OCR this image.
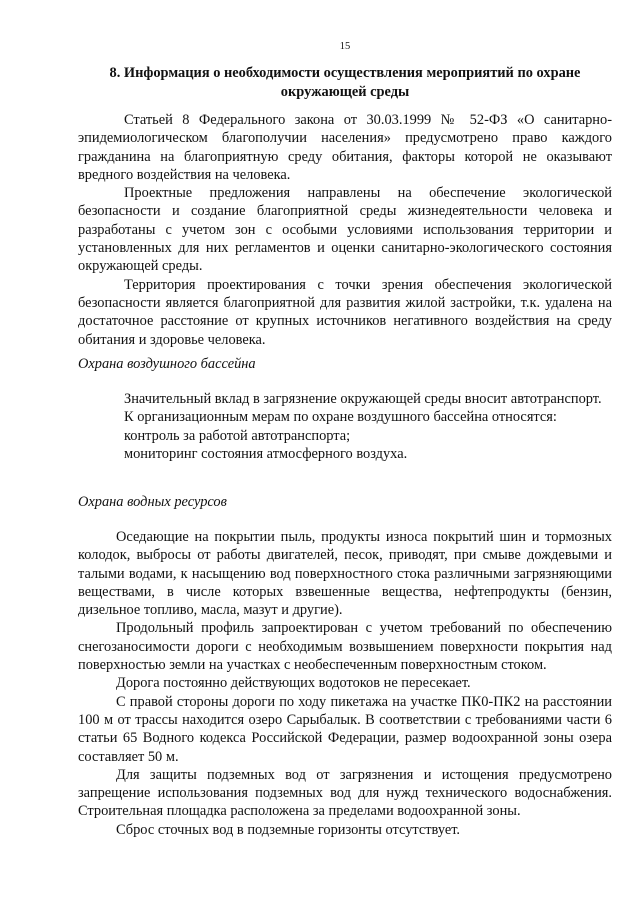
15
8. Информация о необходимости осуществления мероприятий по охране окружающей среды

Статьей 8 Федерального закона от 30.03.1999 № 52-ФЗ «О санитарно-эпидемиологическом благополучии населения» предусмотрено право каждого гражданина на благоприятную среду обитания, факторы которой не оказывают вредного воздействия на человека.

Проектные предложения направлены на обеспечение экологической безопасности и создание благоприятной среды жизнедеятельности человека и разработаны с учетом зон с особыми условиями использования территории и установленных для них регламентов и оценки санитарно-экологического состояния окружающей среды.

Территория проектирования с точки зрения обеспечения экологической безопасности является благоприятной для развития жилой застройки, т.к. удалена на достаточное расстояние от крупных источников негативного воздействия на среду обитания и здоровье человека.

Охрана воздушного бассейна

Значительный вклад в загрязнение окружающей среды вносит автотранспорт.

К организационным мерам по охране воздушного бассейна относятся:

контроль за работой автотранспорта;

мониторинг состояния атмосферного воздуха.

Охрана водных ресурсов

Оседающие на покрытии пыль, продукты износа покрытий шин и тормозных колодок, выбросы от работы двигателей, песок, приводят, при смыве дождевыми и талыми водами, к насыщению вод поверхностного стока различными загрязняющими веществами, в числе которых взвешенные вещества, нефтепродукты (бензин, дизельное топливо, масла, мазут и другие).

Продольный профиль запроектирован с учетом требований по обеспечению снегозаносимости дороги с необходимым возвышением поверхности покрытия над поверхностью земли на участках с необеспеченным поверхностным стоком.

Дорога постоянно действующих водотоков не пересекает.

С правой стороны дороги по ходу пикетажа на участке ПК0-ПК2 на расстоянии 100 м от трассы находится озеро Сарыбалык. В соответствии с требованиями части 6 статьи 65 Водного кодекса Российской Федерации, размер водоохранной зоны озера составляет 50 м.

Для защиты подземных вод от загрязнения и истощения предусмотрено запрещение использования подземных вод для нужд технического водоснабжения. Строительная площадка расположена за пределами водоохранной зоны.

Сброс сточных вод в подземные горизонты отсутствует.
